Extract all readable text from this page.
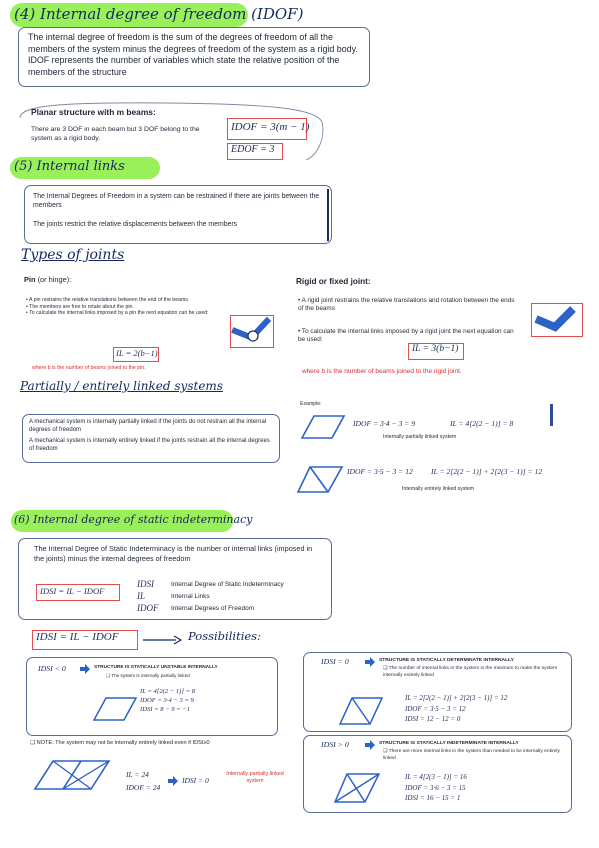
(4) Internal degree of freedom (IDOF)
The internal degree of freedom is the sum of the degrees of freedom of all the members of the system minus the degrees of freedom of the system as a rigid body. IDOF represents the number of variables which state the relative position of the members of the structure
Planar structure with m beams:
There are 3 DOF in each beam but 3 DOF belong to the system as a rigid body.
IDOF = 3(m − 1)
EDOF = 3
(5) Internal links
The Internal Degrees of Freedom in a system can be restrained if there are joints between the members
The joints restrict the relative displacements between the members
Types of joints
Pin (or hinge):
• A pin restrains the relative translations between the end of the beams.
• The members are free to rotate about the pin.
• To calculate the internal links imposed by a pin the next equation can be used:
IL = 2(b−1)
where b is the number of beams joined to the pin.
Rigid or fixed joint:
• A rigid joint restrains the relative translations and rotation between the ends of the beams
• To calculate the internal links imposed by a rigid joint the next equation can be used:
IL = 3(b−1)
where b is the number of beams joined to the rigid joint.
Partially / entirely linked systems
A mechanical system is internally partially linked if the joints do not restrain all the internal degrees of freedom
A mechanical system is internally entirely linked if the joints restrain all the internal degrees of freedom
Example:
IDOF = 3·4 − 3 = 9	IL = 4[2(2 − 1)] = 8
Internally partially linked system
IDOF = 3·5 − 3 = 12 IL = 2[2(2 − 1)] + 2[2(3 − 1)] = 12
Internally entirely linked system
(6) Internal degree of static indeterminacy
The Internal Degree of Static Indeterminacy is the number or internal links (imposed in the joints) minus the internal degrees of freedom
IDSI = IL − IDOF
IDSI	Internal Degree of Static Indeterminacy
IL	Internal Links
IDOF	Internal Degrees of Freedom
IDSI = IL − IDOF	Possibilities:
IDSI < 0	STRUCTURE IS STATICALLY UNSTABLE INTERNALLY
❑ The system is internally partially linked
IL = 4[2(2 − 1)] = 8
IDOF = 3·4 − 3 = 9
IDSI = 8 − 9 = −1
❑ NOTE: The system may not be internally entirely linked even if IDSI≥0
IL = 24
IDOF = 24
IDSI = 0
Internally partially linked system
IDSI = 0	STRUCTURE IS STATICALLY DETERMINATE INTERNALLY
❑ The number of internal links in the system is the minimum to make the system internally entirely linked
IL = 2[2(2 − 1)] + 2[2(3 − 1)] = 12
IDOF = 3·5 − 3 = 12
IDSI = 12 − 12 = 0
IDSI > 0	STRUCTURE IS STATICALLY INDETERMINATE INTERNALLY
❑ There are more internal links in the system than needed to be internally entirely linked
IL = 4[2(3 − 1)] = 16
IDOF = 3·6 − 3 = 15
IDSI = 16 − 15 = 1
